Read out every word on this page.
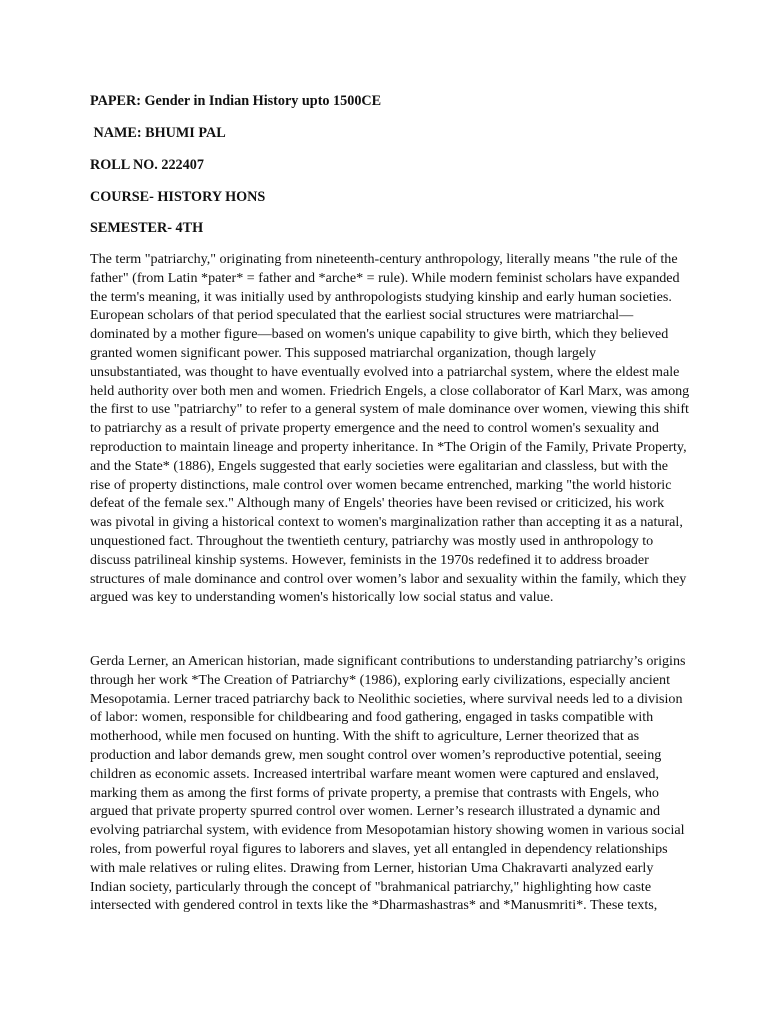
PAPER: Gender in Indian History upto 1500CE
NAME: BHUMI PAL
ROLL NO. 222407
COURSE- HISTORY HONS
SEMESTER- 4TH

The term "patriarchy," originating from nineteenth-century anthropology, literally means "the rule of the
father" (from Latin *pater* = father and *arche* = rule). While modern feminist scholars have expanded
the term's meaning, it was initially used by anthropologists studying kinship and early human societies.
European scholars of that period speculated that the earliest social structures were matriarchal—
dominated by a mother figure—based on women's unique capability to give birth, which they believed
granted women significant power. This supposed matriarchal organization, though largely
unsubstantiated, was thought to have eventually evolved into a patriarchal system, where the eldest male
held authority over both men and women. Friedrich Engels, a close collaborator of Karl Marx, was among
the first to use "patriarchy" to refer to a general system of male dominance over women, viewing this shift
to patriarchy as a result of private property emergence and the need to control women's sexuality and
reproduction to maintain lineage and property inheritance. In *The Origin of the Family, Private Property,
and the State* (1886), Engels suggested that early societies were egalitarian and classless, but with the
rise of property distinctions, male control over women became entrenched, marking "the world historic
defeat of the female sex." Although many of Engels' theories have been revised or criticized, his work
was pivotal in giving a historical context to women's marginalization rather than accepting it as a natural,
unquestioned fact. Throughout the twentieth century, patriarchy was mostly used in anthropology to
discuss patrilineal kinship systems. However, feminists in the 1970s redefined it to address broader
structures of male dominance and control over women’s labor and sexuality within the family, which they
argued was key to understanding women's historically low social status and value.

Gerda Lerner, an American historian, made significant contributions to understanding patriarchy’s origins
through her work *The Creation of Patriarchy* (1986), exploring early civilizations, especially ancient
Mesopotamia. Lerner traced patriarchy back to Neolithic societies, where survival needs led to a division
of labor: women, responsible for childbearing and food gathering, engaged in tasks compatible with
motherhood, while men focused on hunting. With the shift to agriculture, Lerner theorized that as
production and labor demands grew, men sought control over women’s reproductive potential, seeing
children as economic assets. Increased intertribal warfare meant women were captured and enslaved,
marking them as among the first forms of private property, a premise that contrasts with Engels, who
argued that private property spurred control over women. Lerner’s research illustrated a dynamic and
evolving patriarchal system, with evidence from Mesopotamian history showing women in various social
roles, from powerful royal figures to laborers and slaves, yet all entangled in dependency relationships
with male relatives or ruling elites. Drawing from Lerner, historian Uma Chakravarti analyzed early
Indian society, particularly through the concept of "brahmanical patriarchy," highlighting how caste
intersected with gendered control in texts like the *Dharmashastras* and *Manusmriti*. These texts,
